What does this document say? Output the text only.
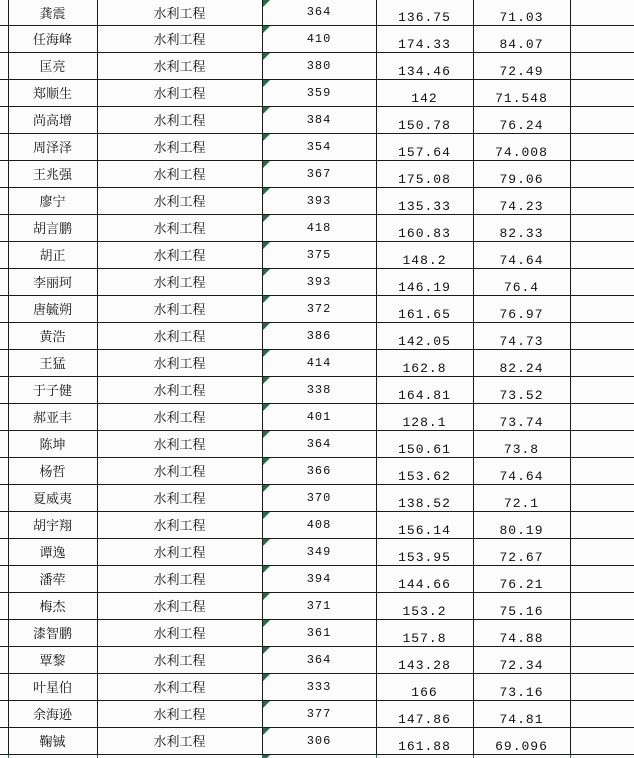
	龚震	水利工程	364	136.75	71.03	
	任海峰	水利工程	410	174.33	84.07	
	匡亮	水利工程	380	134.46	72.49	
	郑顺生	水利工程	359	142	71.548	
	尚高增	水利工程	384	150.78	76.24	
	周泽泽	水利工程	354	157.64	74.008	
	王兆强	水利工程	367	175.08	79.06	
	廖宁	水利工程	393	135.33	74.23	
	胡言鹏	水利工程	418	160.83	82.33	
	胡正	水利工程	375	148.2	74.64	
	李丽珂	水利工程	393	146.19	76.4	
	唐毓朔	水利工程	372	161.65	76.97	
	黄浩	水利工程	386	142.05	74.73	
	王猛	水利工程	414	162.8	82.24	
	于子健	水利工程	338	164.81	73.52	
	郝亚丰	水利工程	401	128.1	73.74	
	陈坤	水利工程	364	150.61	73.8	
	杨哲	水利工程	366	153.62	74.64	
	夏威夷	水利工程	370	138.52	72.1	
	胡宇翔	水利工程	408	156.14	80.19	
	谭逸	水利工程	349	153.95	72.67	
	潘荦	水利工程	394	144.66	76.21	
	梅杰	水利工程	371	153.2	75.16	
	漆智鹏	水利工程	361	157.8	74.88	
	覃黎	水利工程	364	143.28	72.34	
	叶星伯	水利工程	333	166	73.16	
	余海逊	水利工程	377	147.86	74.81	
	鞠铖	水利工程	306	161.88	69.096	
